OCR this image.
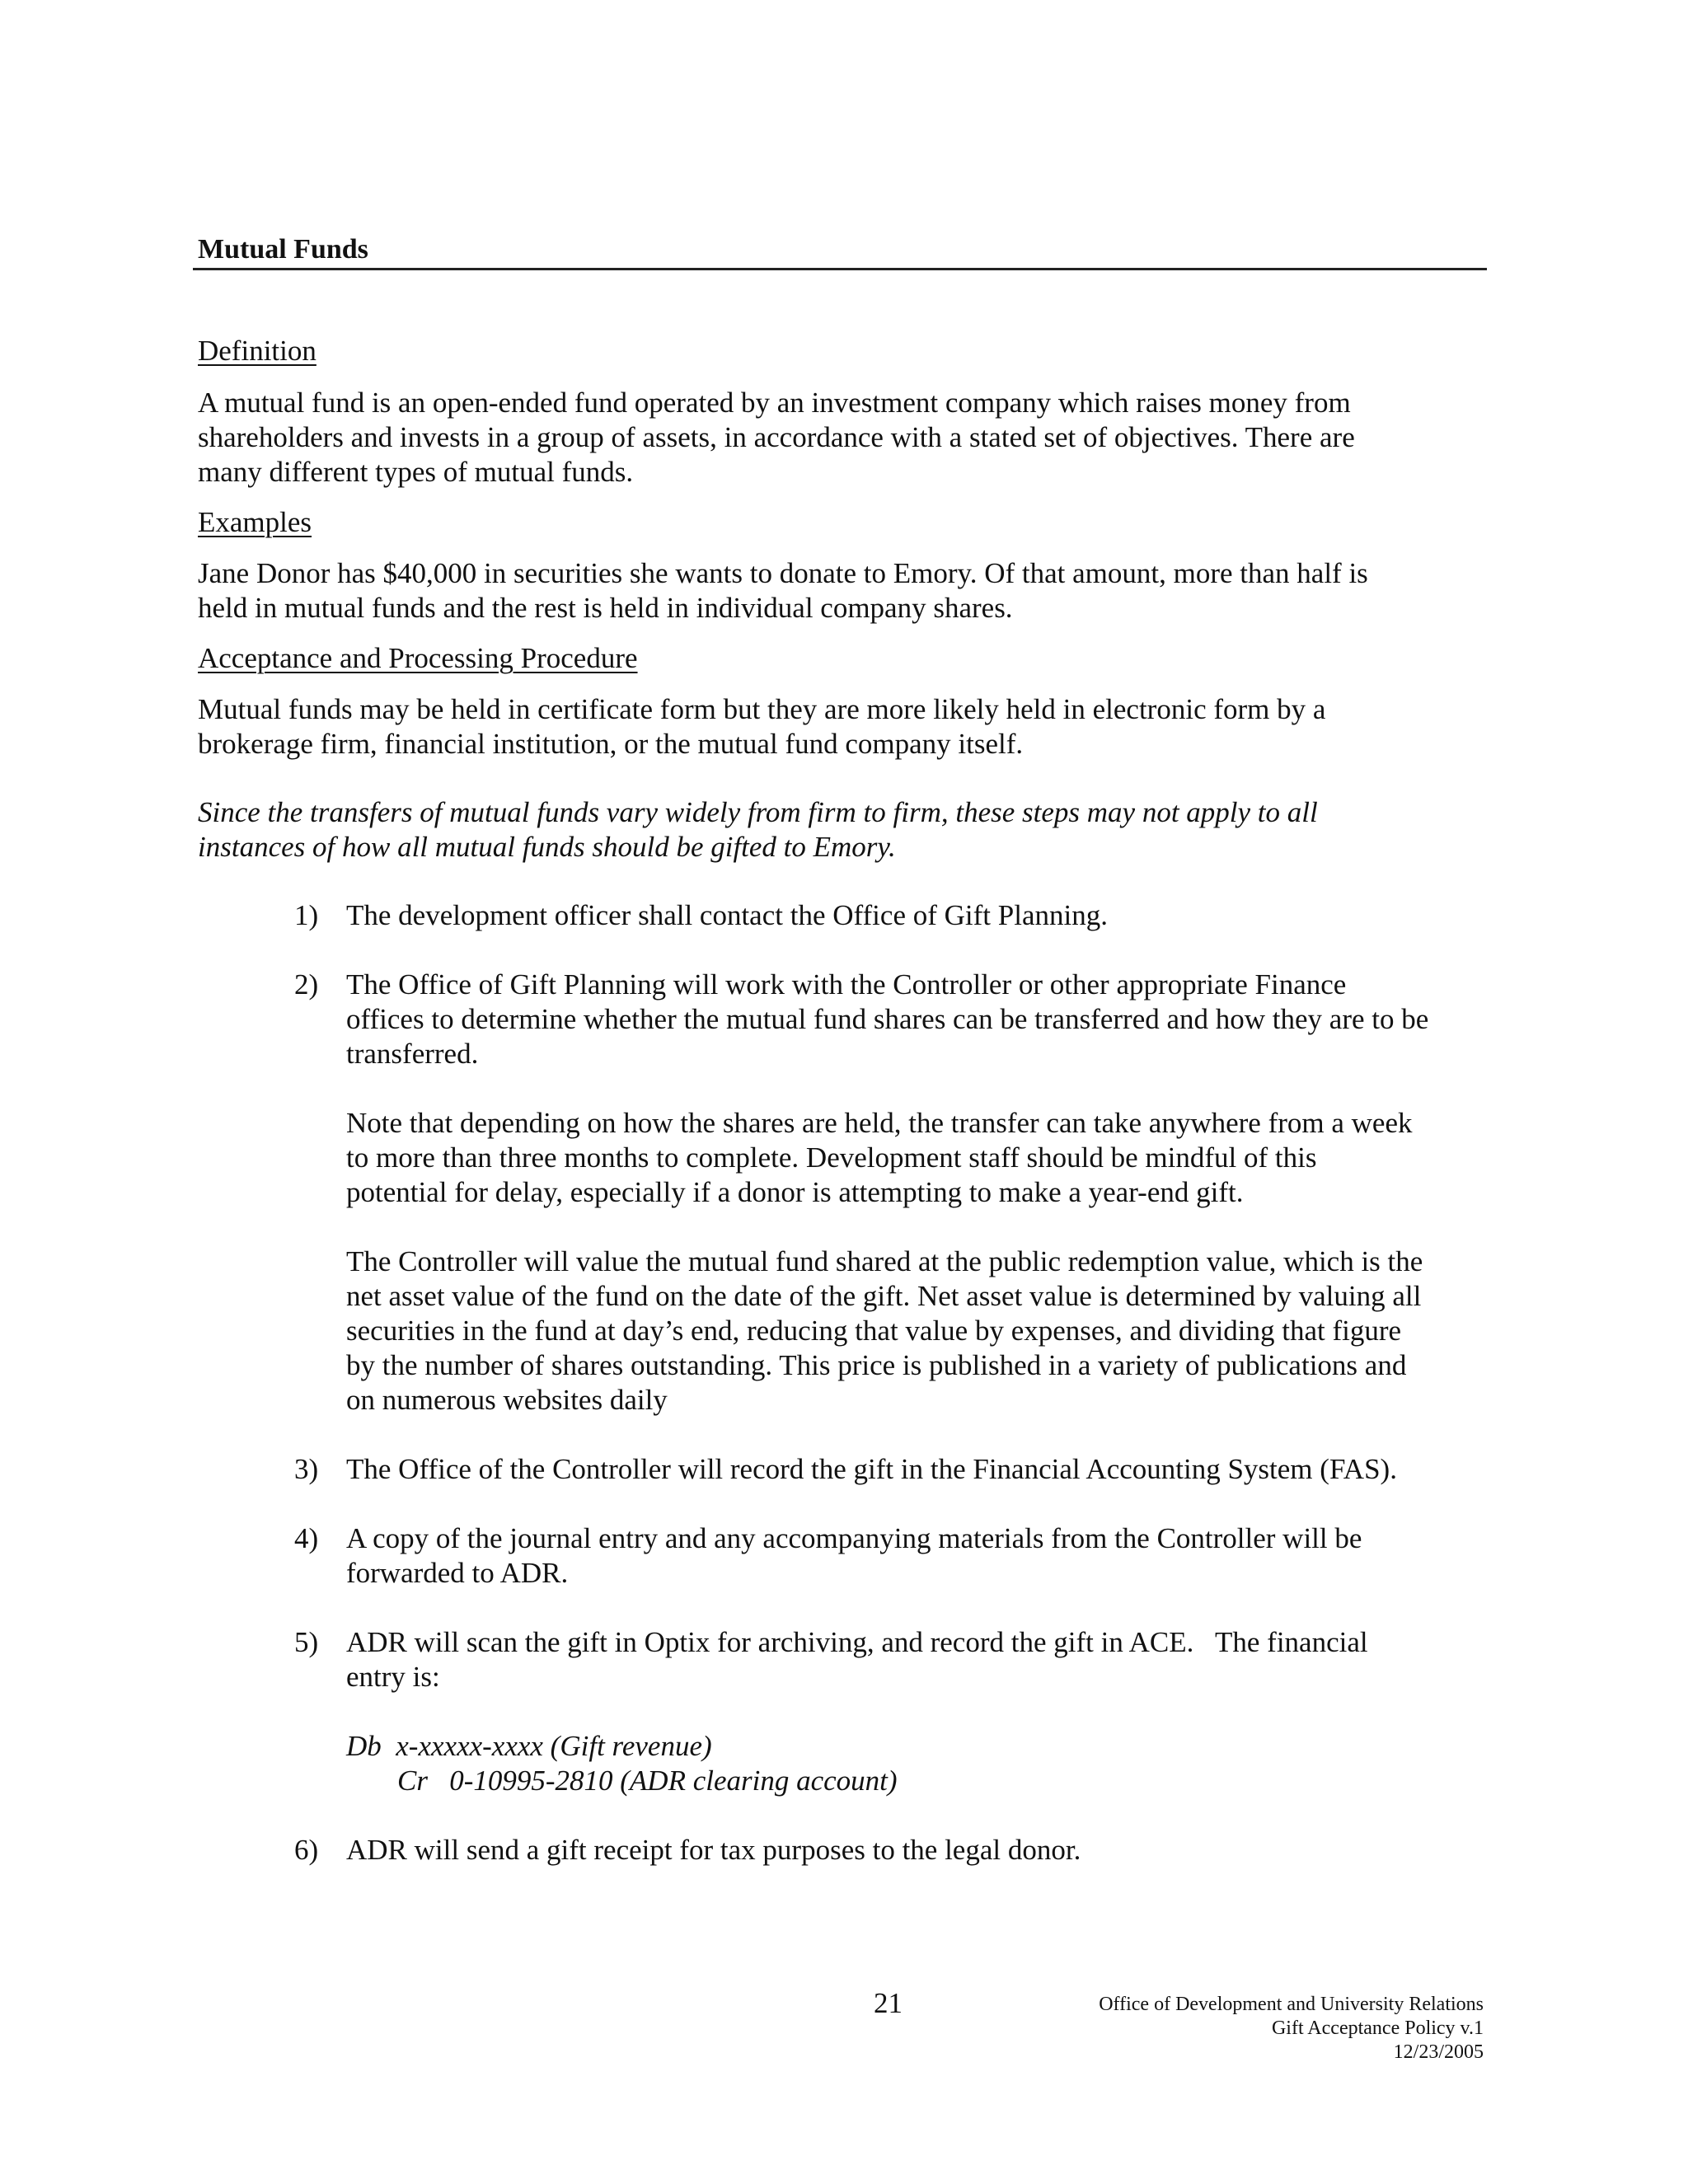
Mutual Funds
Definition
A mutual fund is an open-ended fund operated by an investment company which raises money from
shareholders and invests in a group of assets, in accordance with a stated set of objectives. There are
many different types of mutual funds.
Examples
Jane Donor has $40,000 in securities she wants to donate to Emory. Of that amount, more than half is
held in mutual funds and the rest is held in individual company shares.
Acceptance and Processing Procedure
Mutual funds may be held in certificate form but they are more likely held in electronic form by a
brokerage firm, financial institution, or the mutual fund company itself.
Since the transfers of mutual funds vary widely from firm to firm, these steps may not apply to all
instances of how all mutual funds should be gifted to Emory.
1) The development officer shall contact the Office of Gift Planning.
2) The Office of Gift Planning will work with the Controller or other appropriate Finance
offices to determine whether the mutual fund shares can be transferred and how they are to be
transferred.
Note that depending on how the shares are held, the transfer can take anywhere from a week
to more than three months to complete. Development staff should be mindful of this
potential for delay, especially if a donor is attempting to make a year-end gift.
The Controller will value the mutual fund shared at the public redemption value, which is the
net asset value of the fund on the date of the gift. Net asset value is determined by valuing all
securities in the fund at day’s end, reducing that value by expenses, and dividing that figure
by the number of shares outstanding. This price is published in a variety of publications and
on numerous websites daily
3) The Office of the Controller will record the gift in the Financial Accounting System (FAS).
4) A copy of the journal entry and any accompanying materials from the Controller will be
forwarded to ADR.
5) ADR will scan the gift in Optix for archiving, and record the gift in ACE.   The financial
entry is:
Db  x-xxxxx-xxxx (Gift revenue)
Cr   0-10995-2810 (ADR clearing account)
6) ADR will send a gift receipt for tax purposes to the legal donor.
21	Office of Development and University Relations
Gift Acceptance Policy v.1
12/23/2005
